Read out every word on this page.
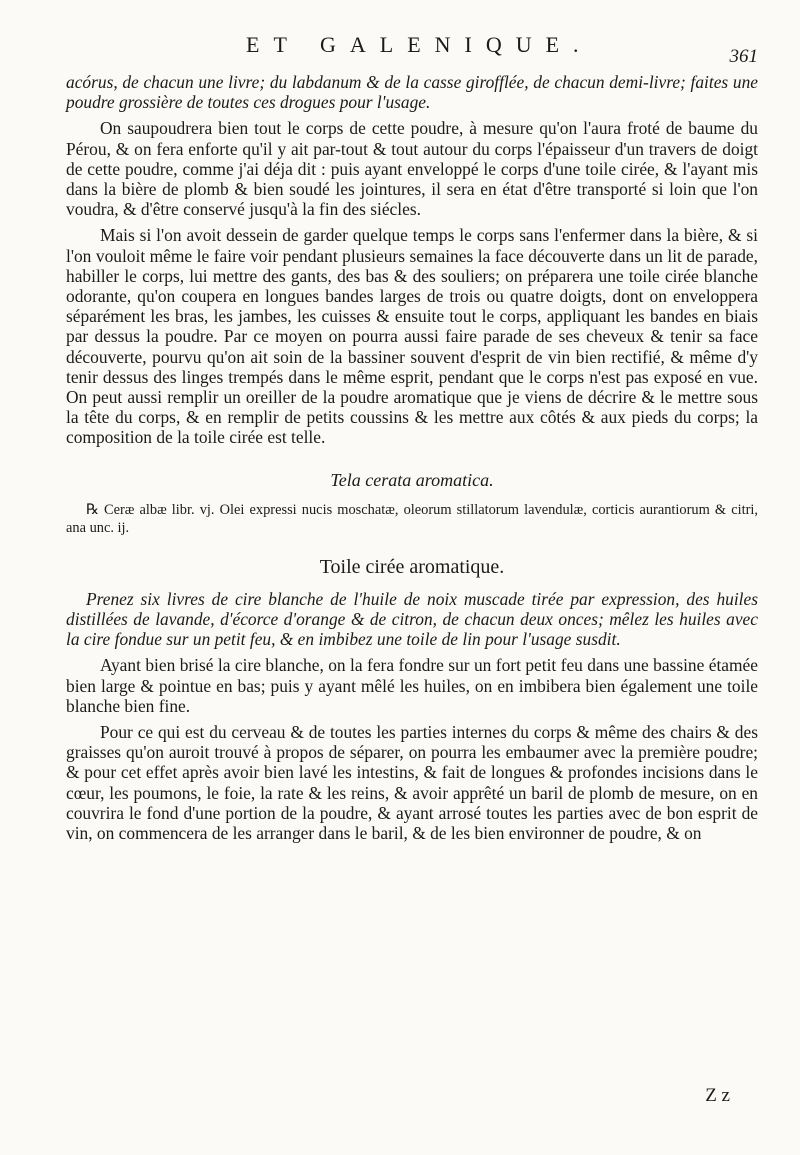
ET GALENIQUE.	361

acórus, de chacun une livre; du labdanum & de la casse girofflée, de chacun demi-livre; faites une poudre grossière de toutes ces drogues pour l'usage.

On saupoudrera bien tout le corps de cette poudre, à mesure qu'on l'aura froté de baume du Pérou, & on fera enforte qu'il y ait par-tout & tout autour du corps l'épaisseur d'un travers de doigt de cette poudre, comme j'ai déja dit : puis ayant enveloppé le corps d'une toile cirée, & l'ayant mis dans la bière de plomb & bien soudé les jointures, il sera en état d'être transporté si loin que l'on voudra, & d'être conservé jusqu'à la fin des siécles.

Mais si l'on avoit dessein de garder quelque temps le corps sans l'enfermer dans la bière, & si l'on vouloit même le faire voir pendant plusieurs semaines la face découverte dans un lit de parade, habiller le corps, lui mettre des gants, des bas & des souliers; on préparera une toile cirée blanche odorante, qu'on coupera en longues bandes larges de trois ou quatre doigts, dont on enveloppera séparément les bras, les jambes, les cuisses & ensuite tout le corps, appliquant les bandes en biais par dessus la poudre. Par ce moyen on pourra aussi faire parade de ses cheveux & tenir sa face découverte, pourvu qu'on ait soin de la bassiner souvent d'esprit de vin bien rectifié, & même d'y tenir dessus des linges trempés dans le même esprit, pendant que le corps n'est pas exposé en vue. On peut aussi remplir un oreiller de la poudre aromatique que je viens de décrire & le mettre sous la tête du corps, & en remplir de petits coussins & les mettre aux côtés & aux pieds du corps; la composition de la toile cirée est telle.

Tela cerata aromatica.

℞ Ceræ albæ libr. vj. Olei expressi nucis moschatæ, oleorum stillatorum lavendulæ, corticis aurantiorum & citri, ana unc. ij.

Toile cirée aromatique.

Prenez six livres de cire blanche de l'huile de noix muscade tirée par expression, des huiles distillées de lavande, d'écorce d'orange & de citron, de chacun deux onces; mêlez les huiles avec la cire fondue sur un petit feu, & en imbibez une toile de lin pour l'usage susdit.

Ayant bien brisé la cire blanche, on la fera fondre sur un fort petit feu dans une bassine étamée bien large & pointue en bas; puis y ayant mêlé les huiles, on en imbibera bien également une toile blanche bien fine.

Pour ce qui est du cerveau & de toutes les parties internes du corps & même des chairs & des graisses qu'on auroit trouvé à propos de séparer, on pourra les embaumer avec la première poudre; & pour cet effet après avoir bien lavé les intestins, & fait de longues & profondes incisions dans le cœur, les poumons, le foie, la rate & les reins, & avoir apprêté un baril de plomb de mesure, on en couvrira le fond d'une portion de la poudre, & ayant arrosé toutes les parties avec de bon esprit de vin, on commencera de les arranger dans le baril, & de les bien environner de poudre, & on

Z z
